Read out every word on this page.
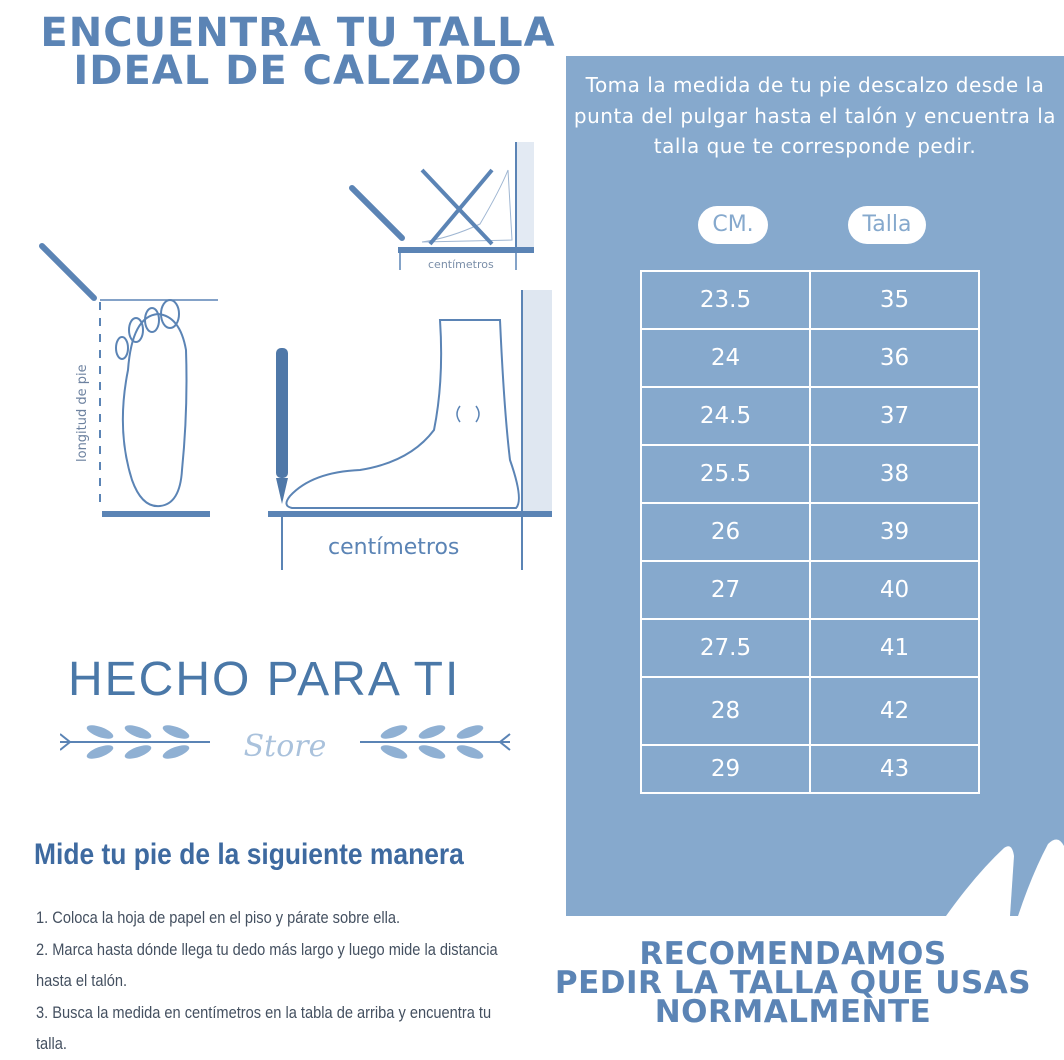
ENCUENTRA TU TALLA
IDEAL DE CALZADO
centímetros
longitud de pie
centímetros
Toma la medida de tu pie descalzo desde la punta del pulgar hasta el talón y encuentra la talla que te corresponde pedir.
CM.	Talla
23.5	35
24	36
24.5	37
25.5	38
26	39
27	40
27.5	41
28	42
29	43
HECHO PARA TI
Store
Mide tu pie de la siguiente manera
1. Coloca la hoja de papel en el piso y párate sobre ella.
2. Marca hasta dónde llega tu dedo más largo y luego mide la distancia hasta el talón.
3. Busca la medida en centímetros en la tabla de arriba y encuentra tu talla.
RECOMENDAMOS
PEDIR LA TALLA QUE USAS
NORMALMENTE
